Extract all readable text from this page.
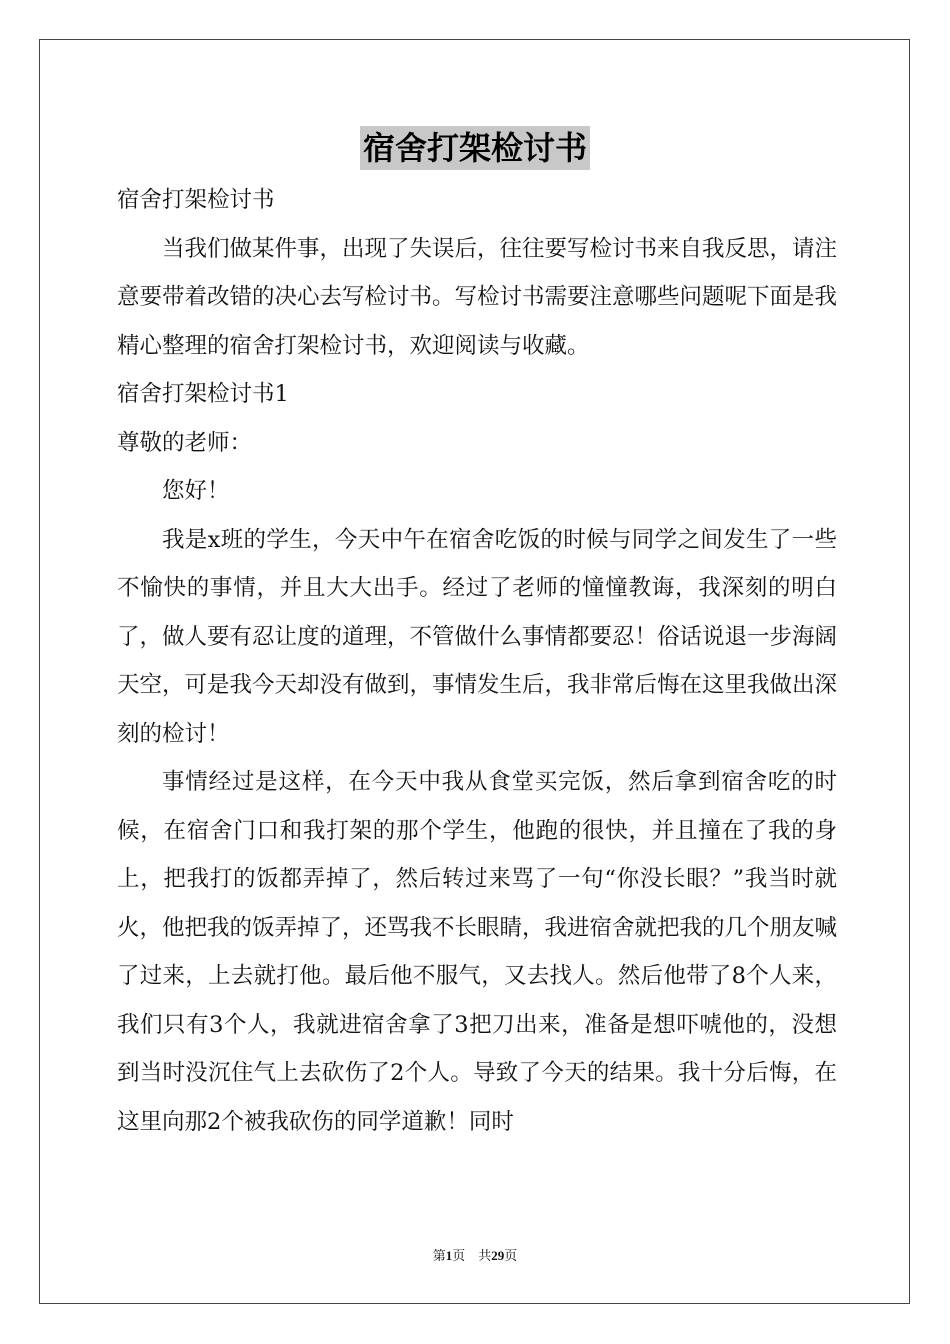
宿舍打架检讨书

宿舍打架检讨书

当我们做某件事，出现了失误后，往往要写检讨书来自我反思，请注意要带着改错的决心去写检讨书。写检讨书需要注意哪些问题呢下面是我精心整理的宿舍打架检讨书，欢迎阅读与收藏。

宿舍打架检讨书1

尊敬的老师：

您好！

我是x班的学生，今天中午在宿舍吃饭的时候与同学之间发生了一些不愉快的事情，并且大大出手。经过了老师的憧憧教诲，我深刻的明白了，做人要有忍让度的道理，不管做什么事情都要忍！俗话说退一步海阔天空，可是我今天却没有做到，事情发生后，我非常后悔在这里我做出深刻的检讨！

事情经过是这样，在今天中我从食堂买完饭，然后拿到宿舍吃的时候，在宿舍门口和我打架的那个学生，他跑的很快，并且撞在了我的身上，把我打的饭都弄掉了，然后转过来骂了一句“你没长眼？”我当时就火，他把我的饭弄掉了，还骂我不长眼睛，我进宿舍就把我的几个朋友喊了过来，上去就打他。最后他不服气，又去找人。然后他带了8个人来，我们只有3个人，我就进宿舍拿了3把刀出来，准备是想吓唬他的，没想到当时没沉住气上去砍伤了2个人。导致了今天的结果。我十分后悔，在这里向那2个被我砍伤的同学道歉！同时

第1页　共29页
